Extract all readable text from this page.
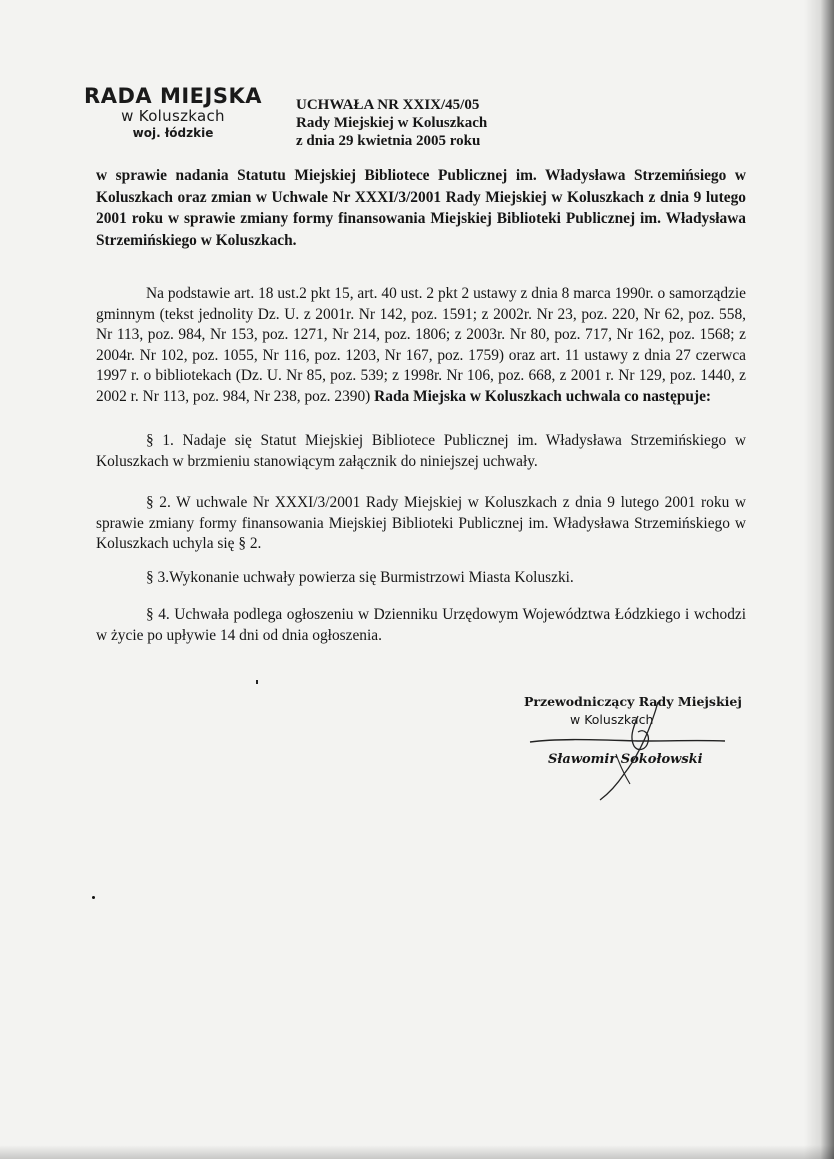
RADA MIEJSKA
w Koluszkach
woj. łódzkie
UCHWAŁA NR XXIX/45/05
Rady Miejskiej w Koluszkach
z dnia 29 kwietnia 2005 roku
w sprawie nadania Statutu Miejskiej Bibliotece Publicznej im. Władysława Strzemińsiego w Koluszkach oraz zmian w Uchwale Nr XXXI/3/2001 Rady Miejskiej w Koluszkach z dnia 9 lutego 2001 roku w sprawie zmiany formy finansowania Miejskiej Biblioteki Publicznej im. Władysława Strzemińskiego w Koluszkach.
Na podstawie art. 18 ust.2 pkt 15, art. 40 ust. 2 pkt 2 ustawy z dnia 8 marca 1990r. o samorządzie gminnym (tekst jednolity Dz. U. z 2001r. Nr 142, poz. 1591; z 2002r. Nr 23, poz. 220, Nr 62, poz. 558, Nr 113, poz. 984, Nr 153, poz. 1271, Nr 214, poz. 1806; z 2003r. Nr 80, poz. 717, Nr 162, poz. 1568; z 2004r. Nr 102, poz. 1055, Nr 116, poz. 1203, Nr 167, poz. 1759) oraz art. 11 ustawy z dnia 27 czerwca 1997 r. o bibliotekach (Dz. U. Nr 85, poz. 539; z 1998r. Nr 106, poz. 668, z 2001 r. Nr 129, poz. 1440, z 2002 r. Nr 113, poz. 984, Nr 238, poz. 2390) Rada Miejska w Koluszkach uchwala co następuje:
§ 1. Nadaje się Statut Miejskiej Bibliotece Publicznej im. Władysława Strzemińskiego w Koluszkach w brzmieniu stanowiącym załącznik do niniejszej uchwały.
§ 2. W uchwale Nr XXXI/3/2001 Rady Miejskiej w Koluszkach z dnia 9 lutego 2001 roku w sprawie zmiany formy finansowania Miejskiej Biblioteki Publicznej im. Władysława Strzemińskiego w Koluszkach uchyla się § 2.
§ 3.Wykonanie uchwały powierza się Burmistrzowi Miasta Koluszki.
§ 4. Uchwała podlega ogłoszeniu w Dzienniku Urzędowym Województwa Łódzkiego i wchodzi w życie po upływie 14 dni od dnia ogłoszenia.
Przewodniczący Rady Miejskiej
w Koluszkach
Sławomir Sokołowski
